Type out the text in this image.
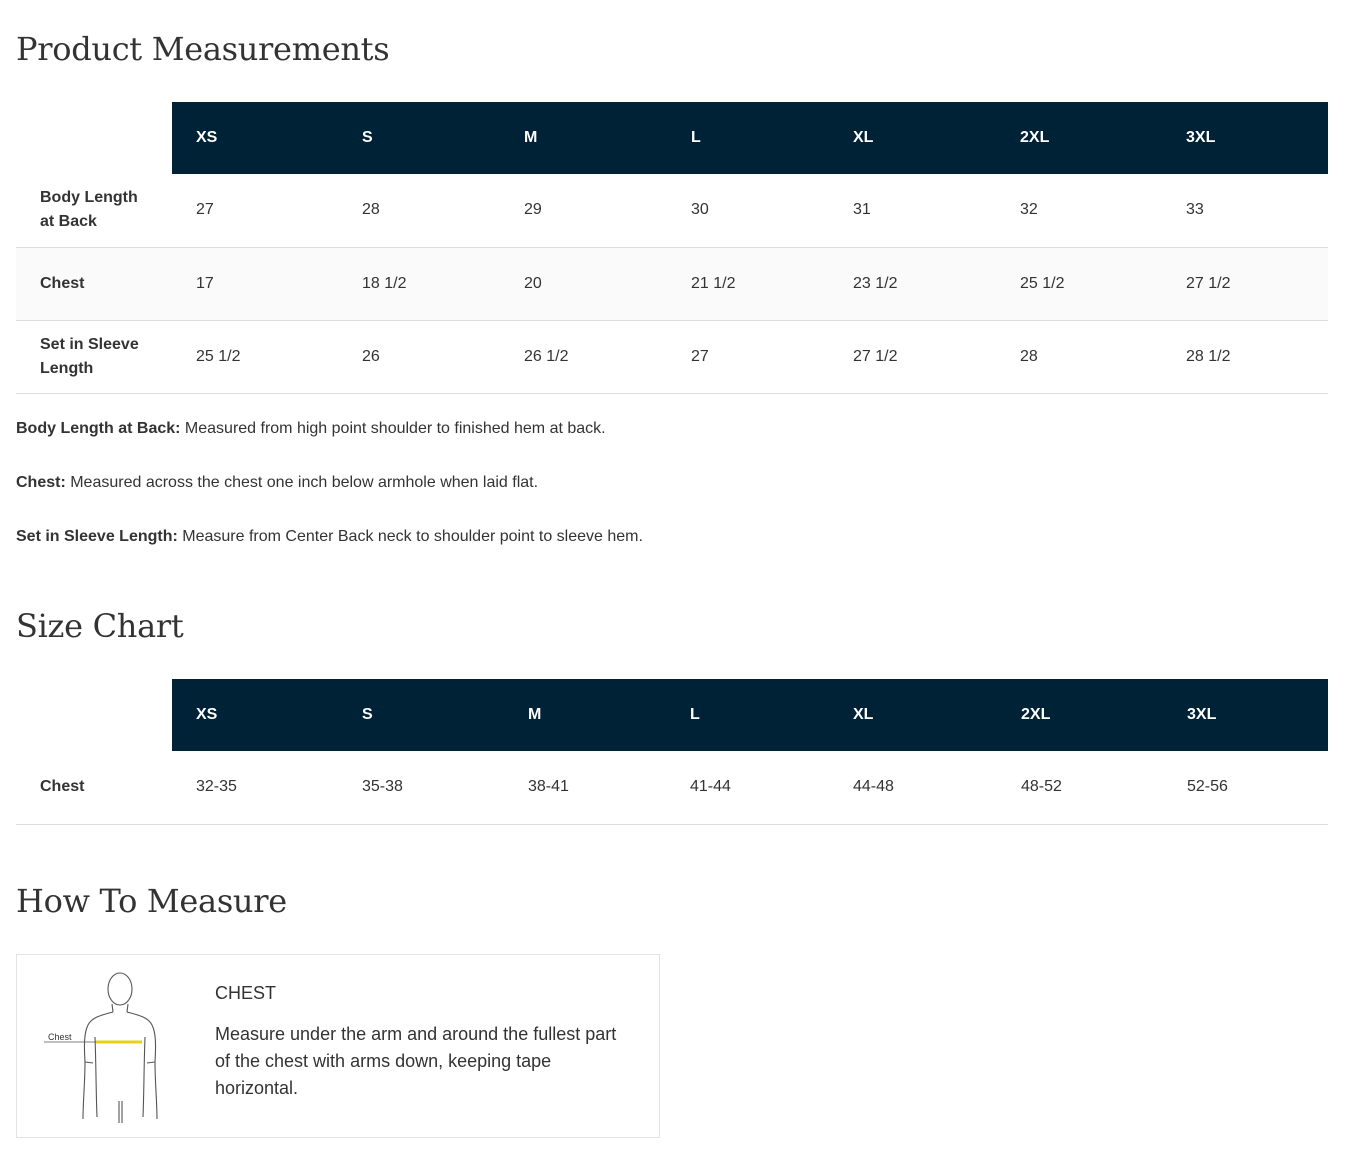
Product Measurements
	XS	S	M	L	XL	2XL	3XL
Body Length at Back	27	28	29	30	31	32	33
Chest	17	18 1/2	20	21 1/2	23 1/2	25 1/2	27 1/2
Set in Sleeve Length	25 1/2	26	26 1/2	27	27 1/2	28	28 1/2

Body Length at Back: Measured from high point shoulder to finished hem at back.

Chest: Measured across the chest one inch below armhole when laid flat.

Set in Sleeve Length: Measure from Center Back neck to shoulder point to sleeve hem.

Size Chart
	XS	S	M	L	XL	2XL	3XL
Chest	32-35	35-38	38-41	41-44	44-48	48-52	52-56
How To Measure
Chest
CHEST
Measure under the arm and around the fullest part of the chest with arms down, keeping tape horizontal.
